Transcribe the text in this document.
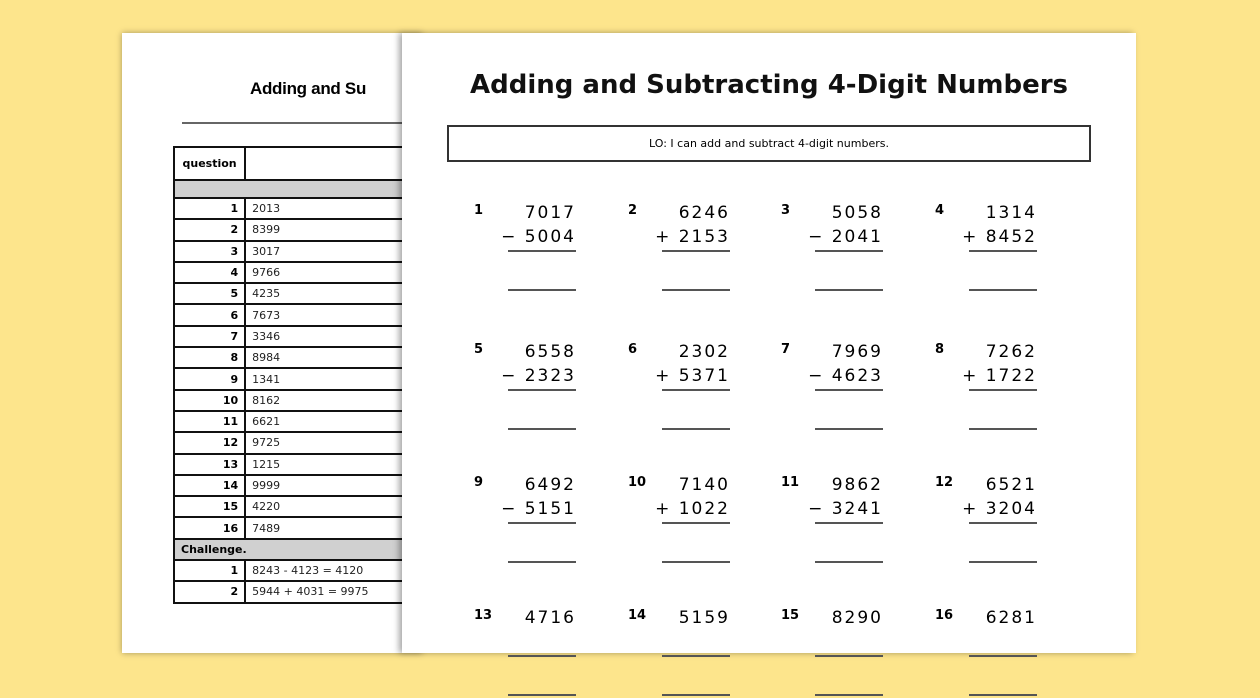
Adding and Su
question	

1	2013
2	8399
3	3017
4	9766
5	4235
6	7673
7	3346
8	8984
9	1341
10	8162
11	6621
12	9725
13	1215
14	9999
15	4220
16	7489
Challenge.	
1	8243 - 4123 = 4120
2	5944 + 4031 = 9975
Adding and Subtracting 4-Digit Numbers
LO: I can add and subtract 4-digit numbers.
1	7017
− 5004
2	6246
+ 2153
3	5058
− 2041
4	1314
+ 8452
5	6558
− 2323
6	2302
+ 5371
7	7969
− 4623
8	7262
+ 1722
9	6492
− 5151
10	7140
+ 1022
11	9862
− 3241
12	6521
+ 3204
13	4716	14	5159	15	8290	16	6281
